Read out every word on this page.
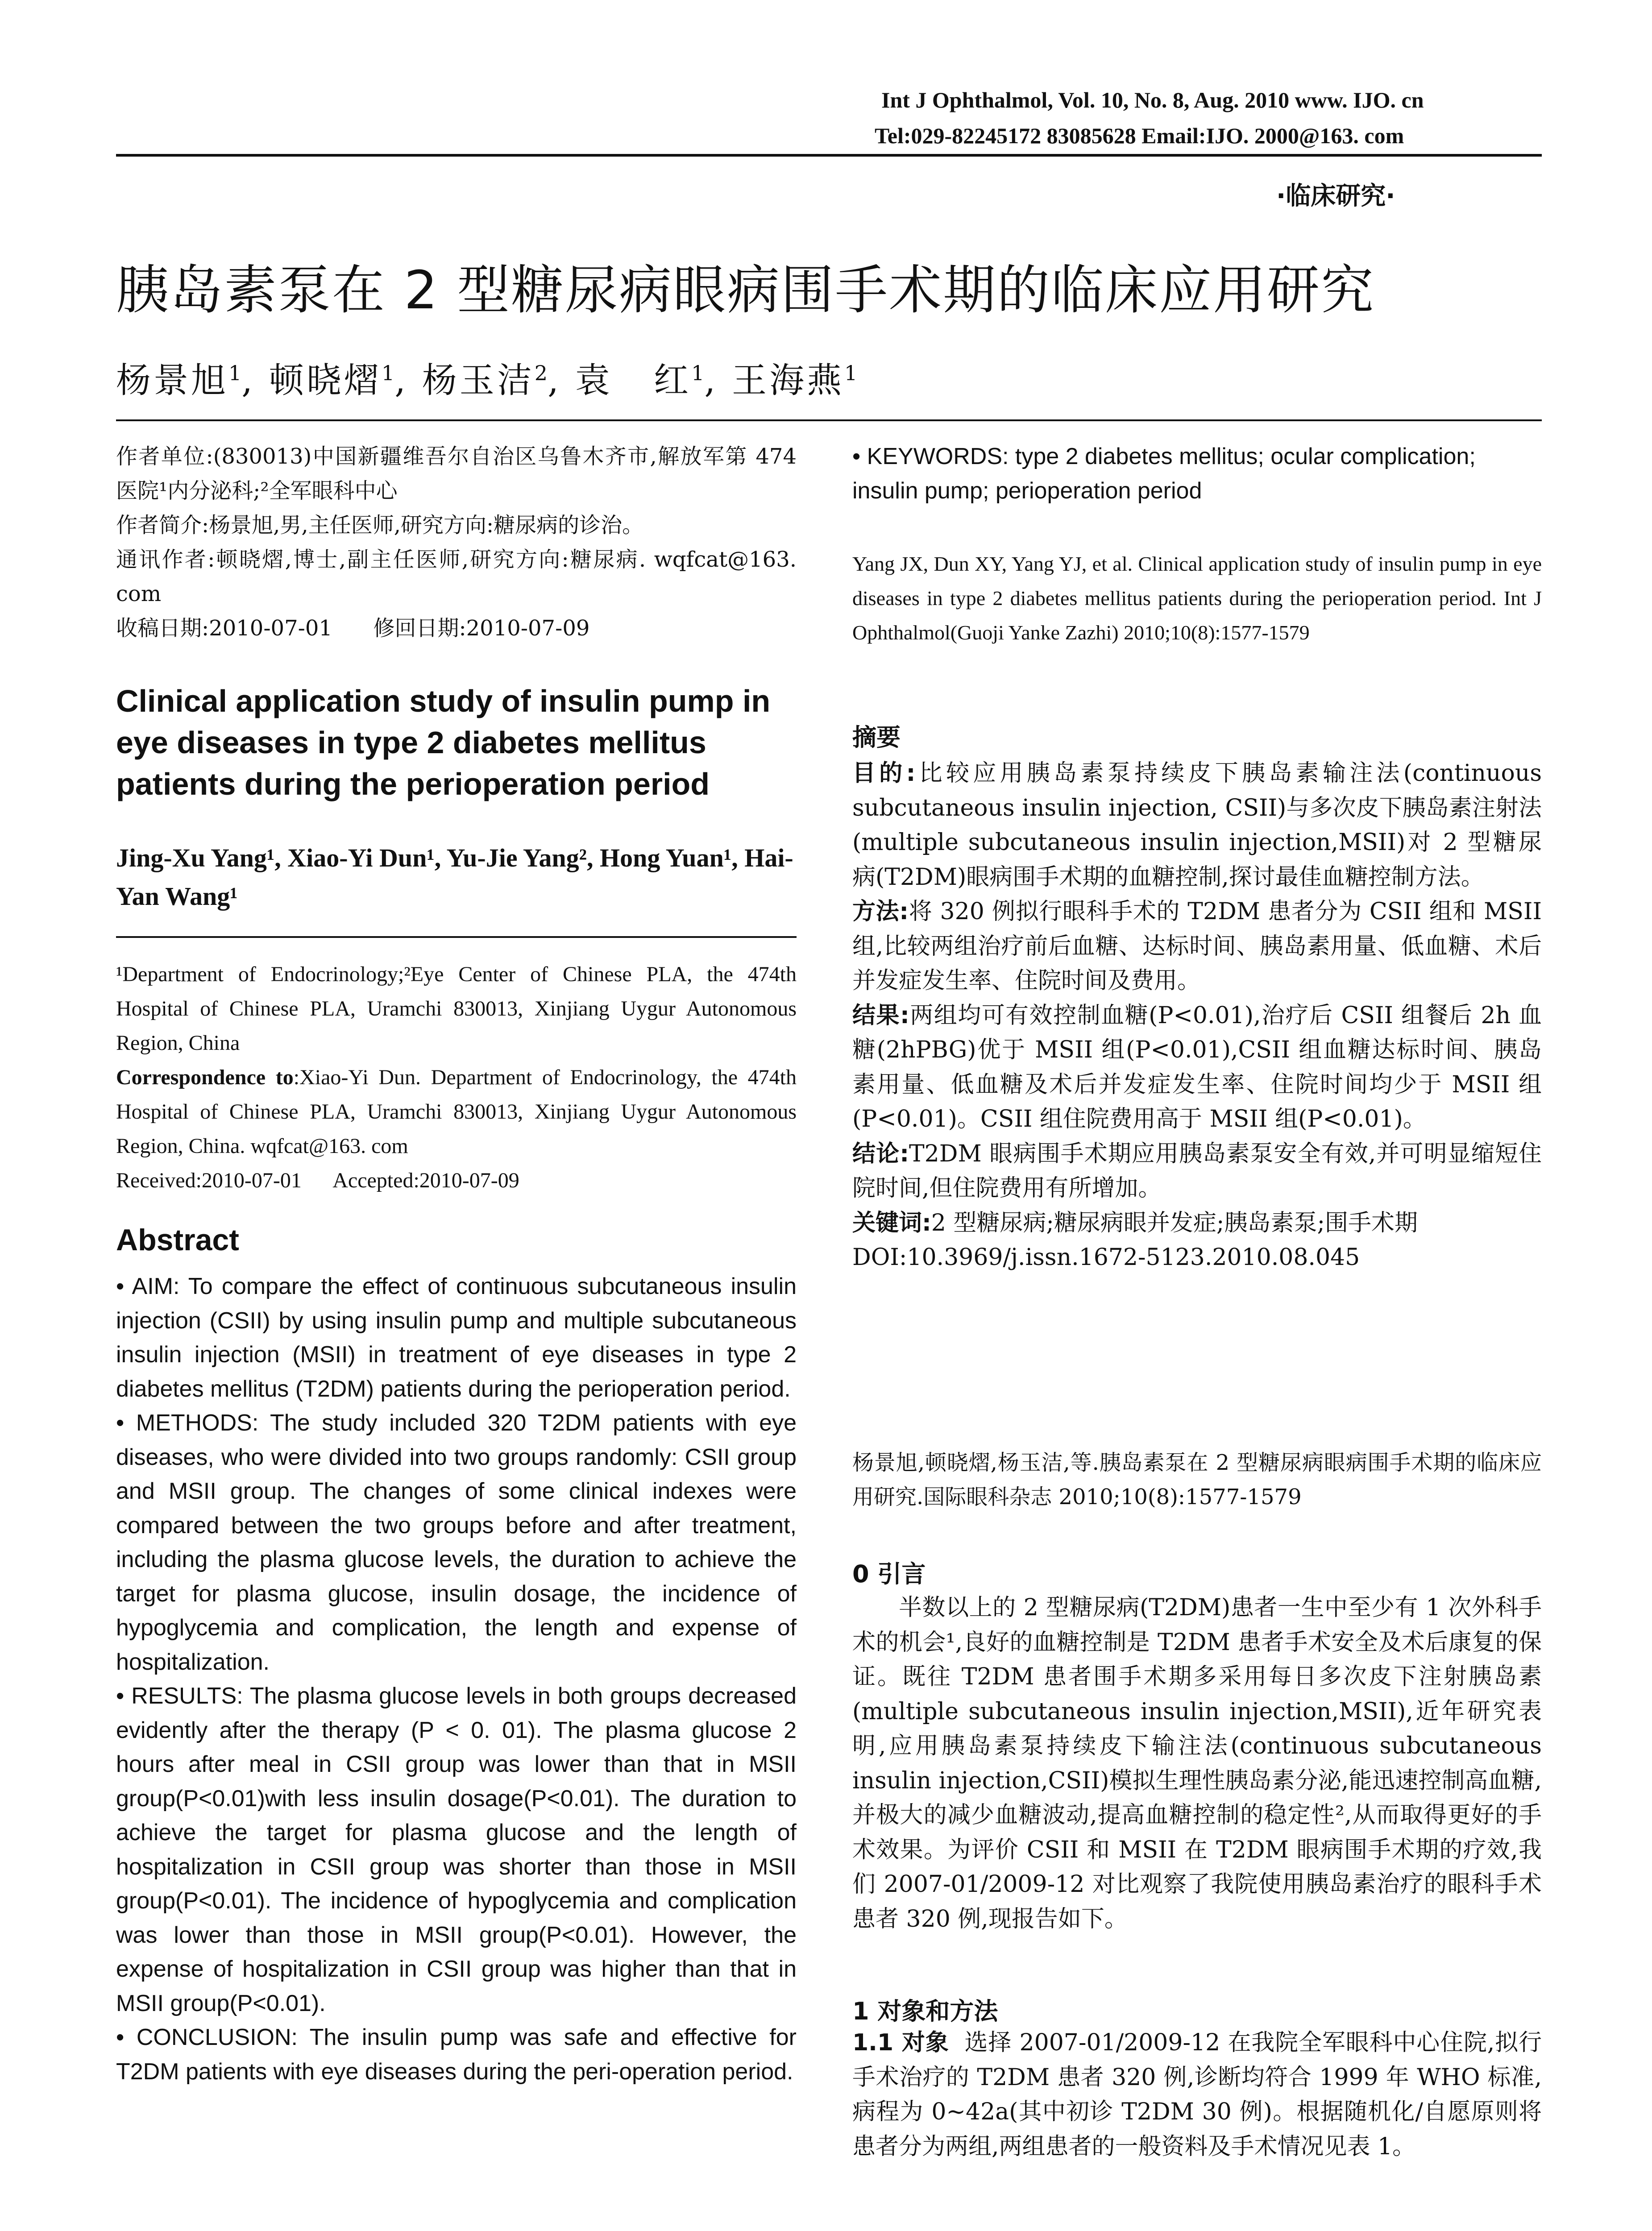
Int J Ophthalmol, Vol. 10, No. 8, Aug. 2010 www. IJO. cn
Tel:029-82245172 83085628 Email:IJO. 2000@163. com
·临床研究·
胰岛素泵在 2 型糖尿病眼病围手术期的临床应用研究
杨景旭$^1$, 顿晓熠$^1$, 杨玉洁$^2$, 袁   红$^1$, 王海燕$^1$

作者单位:(830013)中国新疆维吾尔自治区乌鲁木齐市,解放军第 474 医院¹内分泌科;²全军眼科中心

作者简介:杨景旭,男,主任医师,研究方向:糖尿病的诊治。

通讯作者:顿晓熠,博士,副主任医师,研究方向:糖尿病. wqfcat@163. com

收稿日期:2010-07-01      修回日期:2010-07-09

Clinical application study of insulin pump in eye diseases in type 2 diabetes mellitus patients during the perioperation period
Jing-Xu Yang¹, Xiao-Yi Dun¹, Yu-Jie Yang², Hong Yuan¹, Hai-Yan Wang¹

¹Department of Endocrinology;²Eye Center of Chinese PLA, the 474th Hospital of Chinese PLA, Uramchi 830013, Xinjiang Uygur Autonomous Region, China

Correspondence to:Xiao-Yi Dun. Department of Endocrinology, the 474th Hospital of Chinese PLA, Uramchi 830013, Xinjiang Uygur Autonomous Region, China. wqfcat@163. com

Received:2010-07-01      Accepted:2010-07-09

Abstract

• AIM: To compare the effect of continuous subcutaneous insulin injection (CSII) by using insulin pump and multiple subcutaneous insulin injection (MSII) in treatment of eye diseases in type 2 diabetes mellitus (T2DM) patients during the perioperation period.

• METHODS: The study included 320 T2DM patients with eye diseases, who were divided into two groups randomly: CSII group and MSII group. The changes of some clinical indexes were compared between the two groups before and after treatment, including the plasma glucose levels, the duration to achieve the target for plasma glucose, insulin dosage, the incidence of hypoglycemia and complication, the length and expense of hospitalization.

• RESULTS: The plasma glucose levels in both groups decreased evidently after the therapy (P < 0. 01). The plasma glucose 2 hours after meal in CSII group was lower than that in MSII group(P<0.01)with less insulin dosage(P<0.01). The duration to achieve the target for plasma glucose and the length of hospitalization in CSII group was shorter than those in MSII group(P<0.01). The incidence of hypoglycemia and complication was lower than those in MSII group(P<0.01). However, the expense of hospitalization in CSII group was higher than that in MSII group(P<0.01).

• CONCLUSION: The insulin pump was safe and effective for T2DM patients with eye diseases during the peri-operation period.

• KEYWORDS: type 2 diabetes mellitus; ocular complication; insulin pump; perioperation period
Yang JX, Dun XY, Yang YJ, et al. Clinical application study of insulin pump in eye diseases in type 2 diabetes mellitus patients during the perioperation period. Int J Ophthalmol(Guoji Yanke Zazhi) 2010;10(8):1577-1579
摘要

目的:比较应用胰岛素泵持续皮下胰岛素输注法(continuous subcutaneous insulin injection, CSII)与多次皮下胰岛素注射法(multiple subcutaneous insulin injection,MSII)对 2 型糖尿病(T2DM)眼病围手术期的血糖控制,探讨最佳血糖控制方法。

方法:将 320 例拟行眼科手术的 T2DM 患者分为 CSII 组和 MSII 组,比较两组治疗前后血糖、达标时间、胰岛素用量、低血糖、术后并发症发生率、住院时间及费用。

结果:两组均可有效控制血糖(P<0.01),治疗后 CSII 组餐后 2h 血糖(2hPBG)优于 MSII 组(P<0.01),CSII 组血糖达标时间、胰岛素用量、低血糖及术后并发症发生率、住院时间均少于 MSII 组(P<0.01)。CSII 组住院费用高于 MSII 组(P<0.01)。

结论:T2DM 眼病围手术期应用胰岛素泵安全有效,并可明显缩短住院时间,但住院费用有所增加。

关键词:2 型糖尿病;糖尿病眼并发症;胰岛素泵;围手术期

DOI:10.3969/j.issn.1672-5123.2010.08.045

杨景旭,顿晓熠,杨玉洁,等.胰岛素泵在 2 型糖尿病眼病围手术期的临床应用研究.国际眼科杂志 2010;10(8):1577-1579
0 引言
半数以上的 2 型糖尿病(T2DM)患者一生中至少有 1 次外科手术的机会¹,良好的血糖控制是 T2DM 患者手术安全及术后康复的保证。既往 T2DM 患者围手术期多采用每日多次皮下注射胰岛素(multiple subcutaneous insulin injection,MSII),近年研究表明,应用胰岛素泵持续皮下输注法(continuous subcutaneous insulin injection,CSII)模拟生理性胰岛素分泌,能迅速控制高血糖,并极大的减少血糖波动,提高血糖控制的稳定性²,从而取得更好的手术效果。为评价 CSII 和 MSII 在 T2DM 眼病围手术期的疗效,我们 2007-01/2009-12 对比观察了我院使用胰岛素治疗的眼科手术患者 320 例,现报告如下。
1 对象和方法

1.1 对象 选择 2007-01/2009-12 在我院全军眼科中心住院,拟行手术治疗的 T2DM 患者 320 例,诊断均符合 1999 年 WHO 标准,病程为 0~42a(其中初诊 T2DM 30 例)。根据随机化/自愿原则将患者分为两组,两组患者的一般资料及手术情况见表 1。
